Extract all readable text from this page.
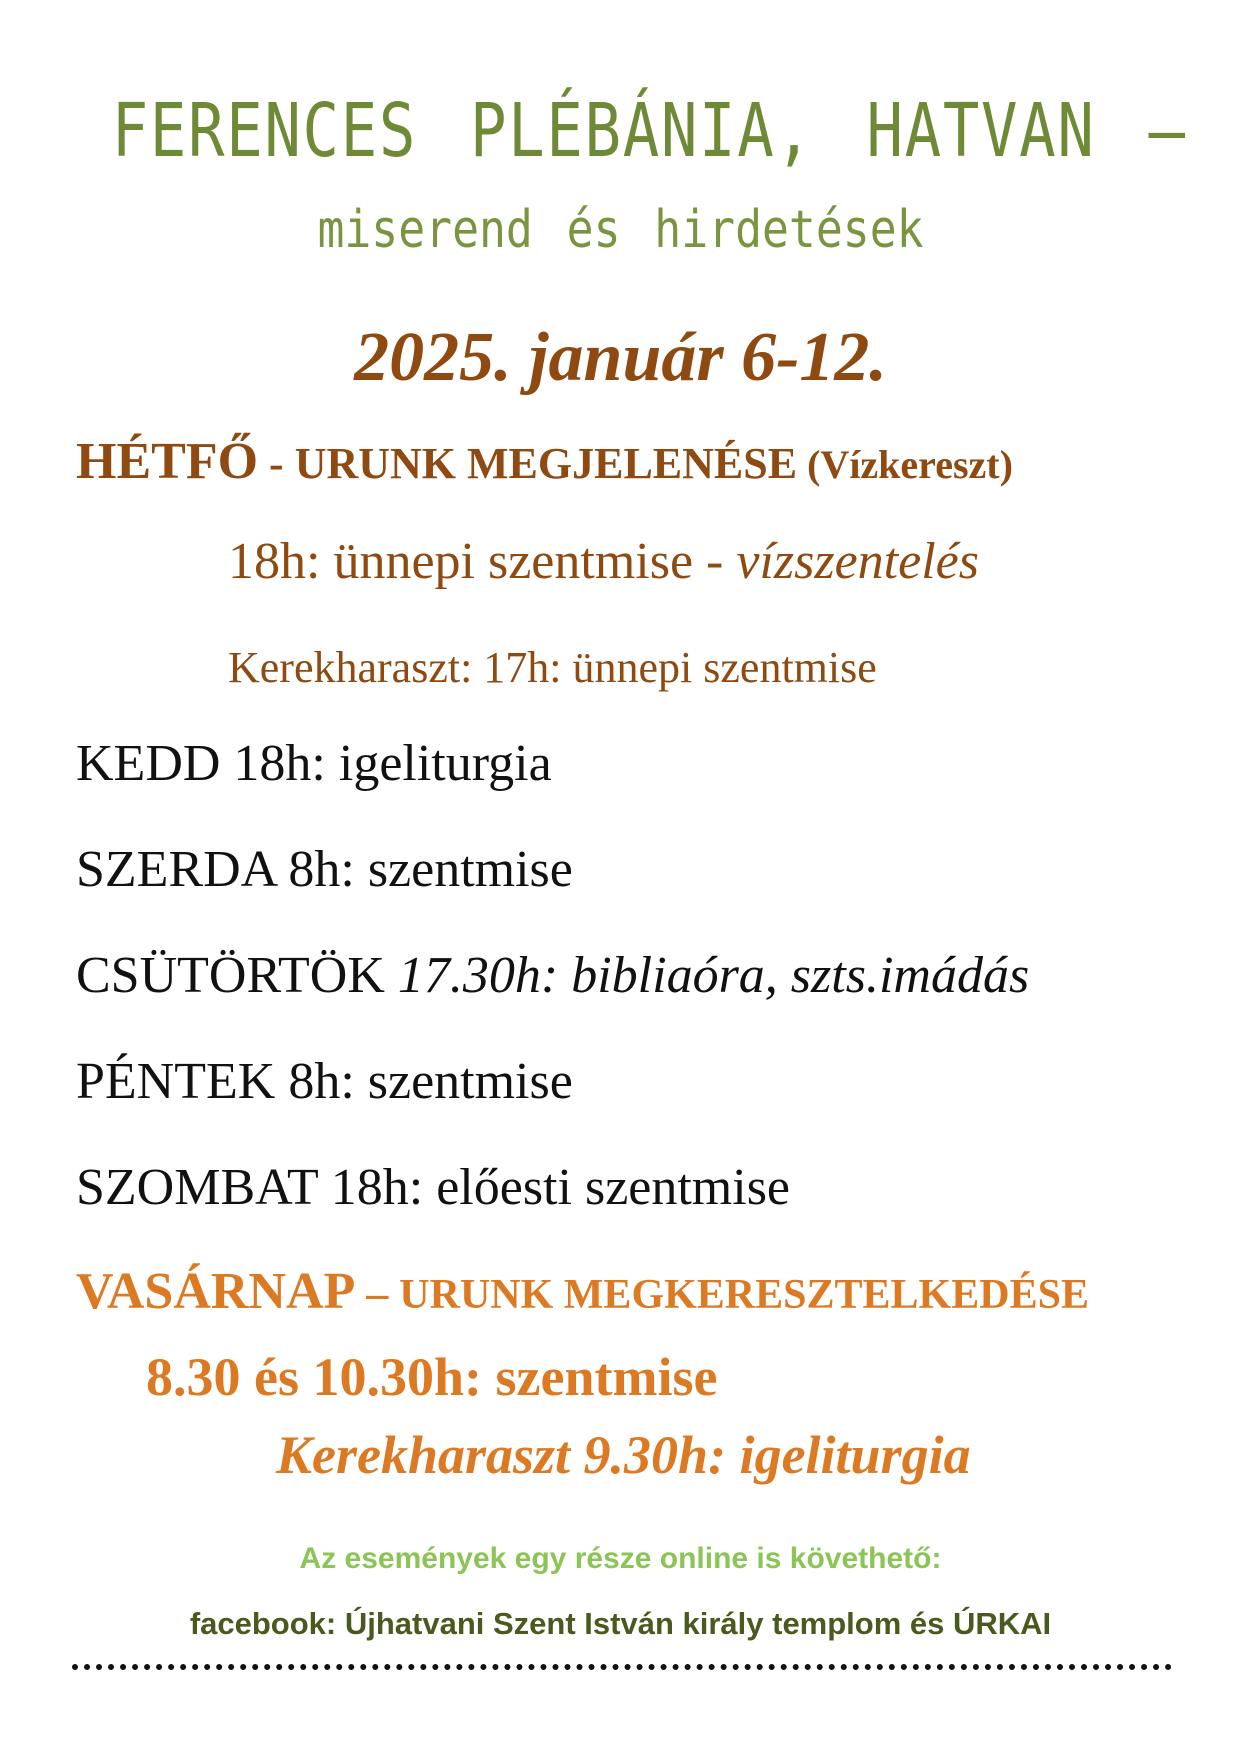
FERENCES PLÉBÁNIA, HATVAN –
miserend és hirdetések
2025. január 6-12.
HÉTFŐ - URUNK MEGJELENÉSE (Vízkereszt)
18h: ünnepi szentmise - vízszentelés
Kerekharaszt: 17h: ünnepi szentmise
KEDD 18h: igeliturgia
SZERDA 8h: szentmise
CSÜTÖRTÖK 17.30h: bibliaóra, szts.imádás
PÉNTEK 8h: szentmise
SZOMBAT 18h: előesti szentmise
VASÁRNAP – URUNK MEGKERESZTELKEDÉSE
8.30 és 10.30h: szentmise
Kerekharaszt 9.30h: igeliturgia
Az események egy része online is követhető:
facebook: Újhatvani Szent István király templom és ÚRKAI
